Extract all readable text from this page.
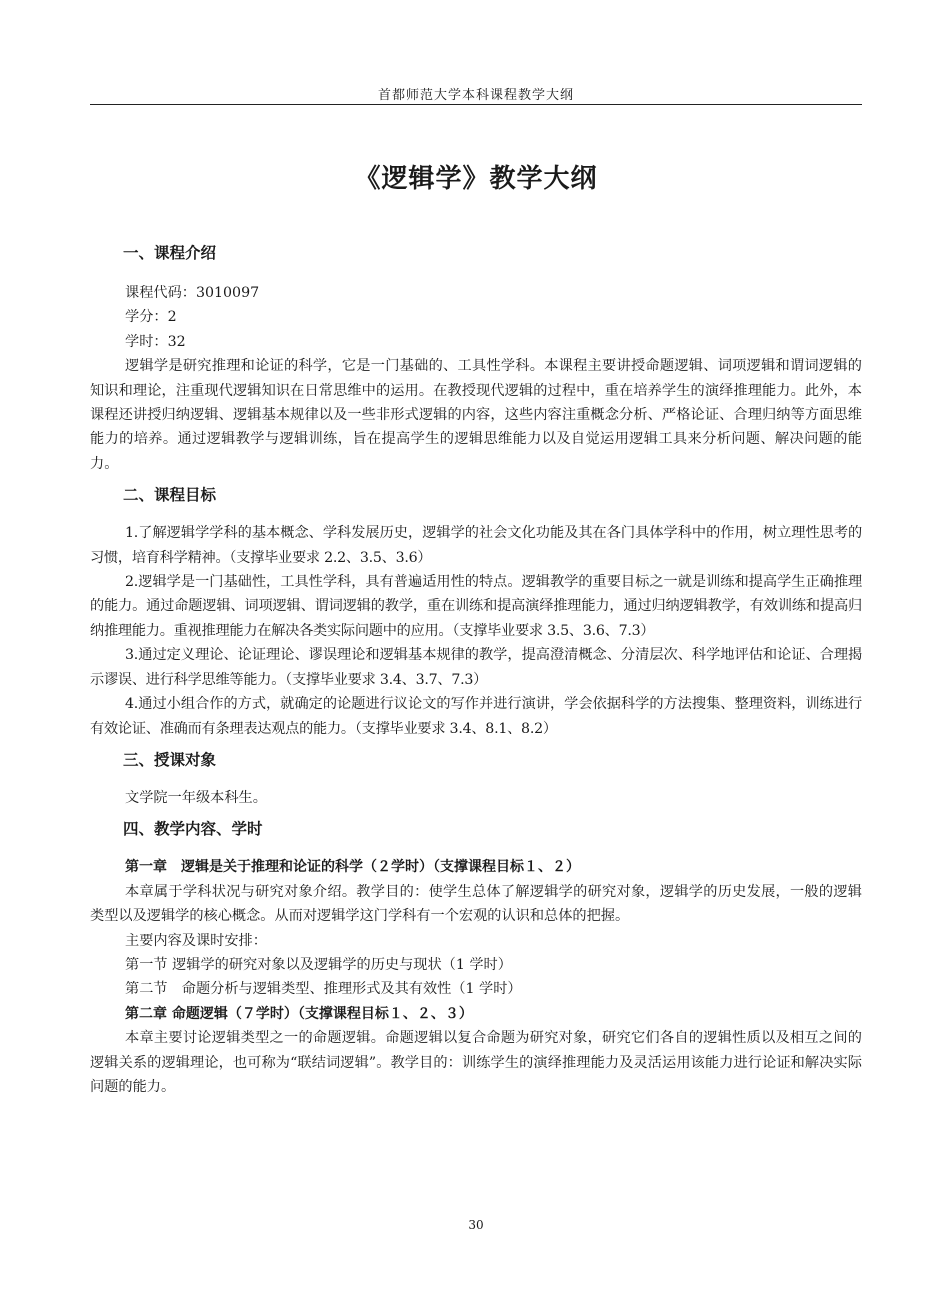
首都师范大学本科课程教学大纲
《逻辑学》教学大纲
一、课程介绍
课程代码：3010097
学分：2
学时：32

逻辑学是研究推理和论证的科学，它是一门基础的、工具性学科。本课程主要讲授命题逻辑、词项逻辑和谓词逻辑的知识和理论，注重现代逻辑知识在日常思维中的运用。在教授现代逻辑的过程中，重在培养学生的演绎推理能力。此外，本课程还讲授归纳逻辑、逻辑基本规律以及一些非形式逻辑的内容，这些内容注重概念分析、严格论证、合理归纳等方面思维能力的培养。通过逻辑教学与逻辑训练，旨在提高学生的逻辑思维能力以及自觉运用逻辑工具来分析问题、解决问题的能力。

二、课程目标

1.了解逻辑学学科的基本概念、学科发展历史，逻辑学的社会文化功能及其在各门具体学科中的作用，树立理性思考的习惯，培育科学精神。（支撑毕业要求 2.2、3.5、3.6）

2.逻辑学是一门基础性，工具性学科，具有普遍适用性的特点。逻辑教学的重要目标之一就是训练和提高学生正确推理的能力。通过命题逻辑、词项逻辑、谓词逻辑的教学，重在训练和提高演绎推理能力，通过归纳逻辑教学，有效训练和提高归纳推理能力。重视推理能力在解决各类实际问题中的应用。（支撑毕业要求 3.5、3.6、7.3）

3.通过定义理论、论证理论、谬误理论和逻辑基本规律的教学，提高澄清概念、分清层次、科学地评估和论证、合理揭示谬误、进行科学思维等能力。（支撑毕业要求 3.4、3.7、7.3）

4.通过小组合作的方式，就确定的论题进行议论文的写作并进行演讲，学会依据科学的方法搜集、整理资料，训练进行有效论证、准确而有条理表达观点的能力。（支撑毕业要求 3.4、8.1、8.2）

三、授课对象
文学院一年级本科生。
四、教学内容、学时
第一章　逻辑是关于推理和论证的科学（２学时）（支撑课程目标１、２）

本章属于学科状况与研究对象介绍。教学目的：使学生总体了解逻辑学的研究对象，逻辑学的历史发展，一般的逻辑类型以及逻辑学的核心概念。从而对逻辑学这门学科有一个宏观的认识和总体的把握。

主要内容及课时安排：
第一节 逻辑学的研究对象以及逻辑学的历史与现状（1 学时）
第二节　命题分析与逻辑类型、推理形式及其有效性（1 学时）
第二章 命题逻辑（７学时）（支撑课程目标１、２、３）

本章主要讨论逻辑类型之一的命题逻辑。命题逻辑以复合命题为研究对象，研究它们各自的逻辑性质以及相互之间的逻辑关系的逻辑理论，也可称为“联结词逻辑”。教学目的：训练学生的演绎推理能力及灵活运用该能力进行论证和解决实际问题的能力。

30
